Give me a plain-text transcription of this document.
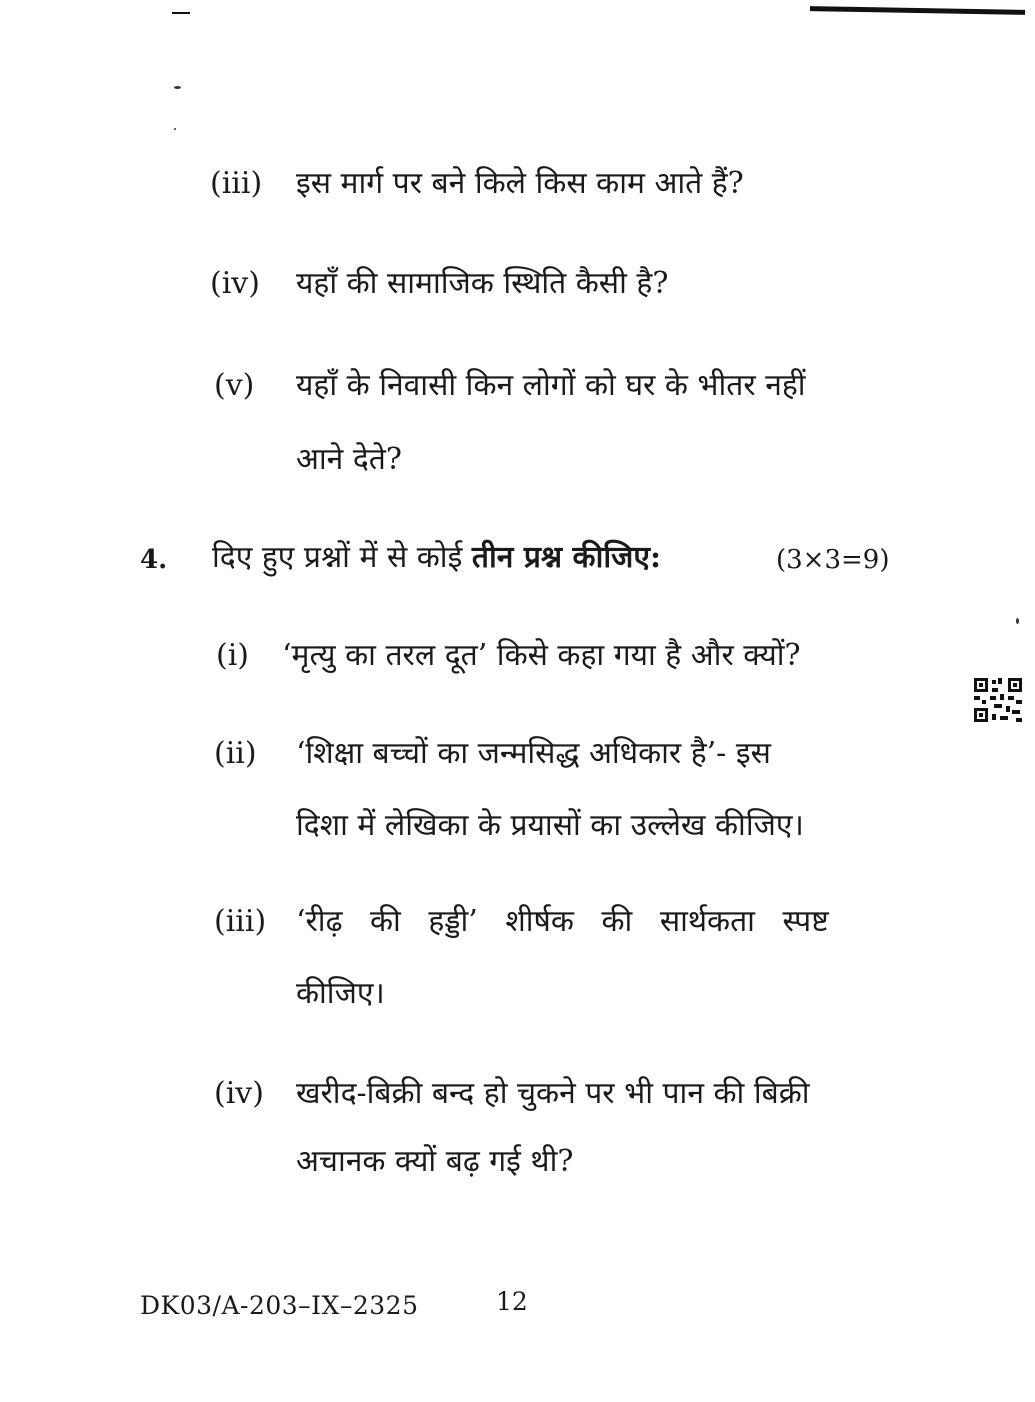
(iii) इस मार्ग पर बने किले किस काम आते हैं?
(iv) यहाँ की सामाजिक स्थिति कैसी है?
(v) यहाँ के निवासी किन लोगों को घर के भीतर नहीं
आने देते?
4. दिए हुए प्रश्नों में से कोई तीन प्रश्न कीजिए:	(3×3=9)
(i) ‘मृत्यु का तरल दूत’ किसे कहा गया है और क्यों?
(ii) ‘शिक्षा बच्चों का जन्मसिद्ध अधिकार है’- इस
दिशा में लेखिका के प्रयासों का उल्लेख कीजिए।
(iii) ‘रीढ़ की हड्डी’ शीर्षक की सार्थकता स्पष्ट
कीजिए।
(iv) खरीद-बिक्री बन्द हो चुकने पर भी पान की बिक्री
अचानक क्यों बढ़ गई थी?
DK03/A-203–IX–2325	12
